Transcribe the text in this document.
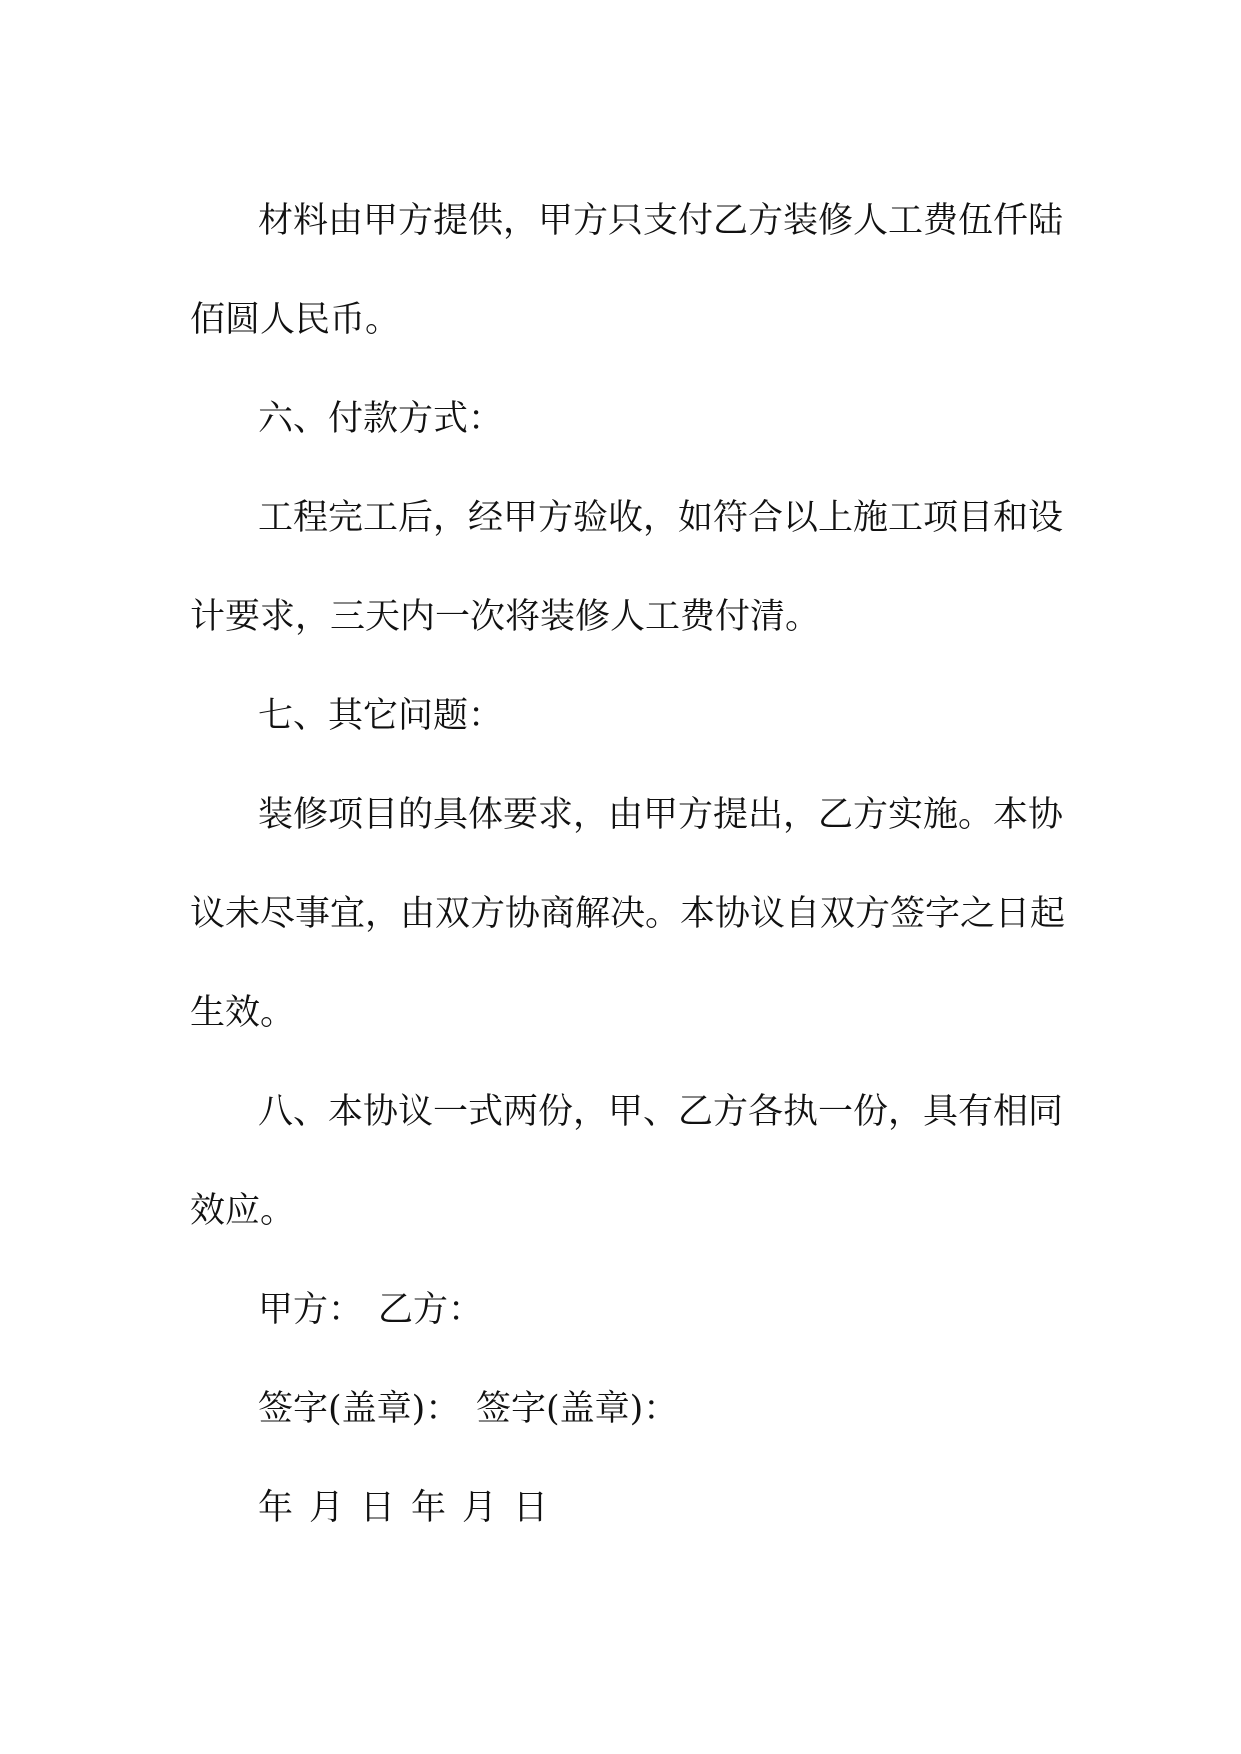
材料由甲方提供，甲方只支付乙方装修人工费伍仟陆
佰圆人民币。
六、付款方式：
工程完工后，经甲方验收，如符合以上施工项目和设
计要求，三天内一次将装修人工费付清。
七、其它问题：
装修项目的具体要求，由甲方提出，乙方实施。本协
议未尽事宜，由双方协商解决。本协议自双方签字之日起
生效。
八、本协议一式两份，甲、乙方各执一份，具有相同
效应。
甲方： 乙方：
签字(盖章)： 签字(盖章)：
年 月 日 年 月 日
